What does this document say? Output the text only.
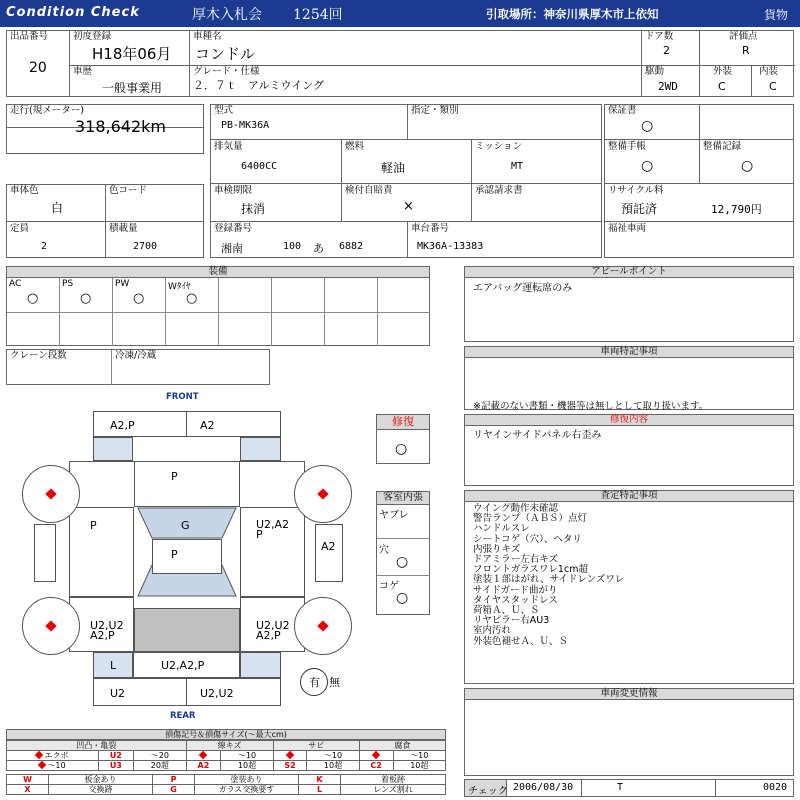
Condition Check	厚木入札会 1254回	引取場所：神奈川県厚木市上依知	貨物
出品番号
20
初度登録
H18年06月
車種名
コンドル
ドア数
2
評価点
R
車歴
一般事業用
グレード・仕様
２．７ｔ　アルミウイング
駆動
2WD
外装
C
内装
C
走行(規メーター)
318,642km
型式
PB-MK36A
指定・類別
排気量
6400CC
燃料
軽油
ミッション
MT
車検期限
抹消
検付自賠責
×
承認請求書
登録番号
湘南	100 あ 6882
車台番号
MK36A-13383
保証書
○
整備手帳
○
整備記録
○
リサイクル料
預託済	12,790円
福祉車両
車体色
白
色コード
定員
2
積載量
2700
装備
AC
○
PS
○
PW
○
Wﾀｲﾔ
○
クレーン段数	冷凍/冷蔵
FRONT
REAR
A2,P	A2
P
P	U2,A2
P
G
P
A2
U2,U2
A2,P
U2,U2
A2,P
L	U2,A2,P
U2	U2,U2
有 無
修復
○
客室内張
ヤブレ
穴
○
コゲ
○
アピールポイント
エアバッグ運転席のみ
車両特記事項
※記載のない書類・機器等は無しとして取り扱います。
修復内容
リヤインサイドパネル右歪み
査定特記事項
ウイング動作未確認
警告ランプ（ＡＢＳ）点灯
ハンドルスレ
シートコゲ（穴）、ヘタリ
内張りキズ
ドアミラー左右キズ
フロントガラスワレ1cm超
塗装１部はがれ、サイドレンズワレ
サイドガード曲がり
タイヤスタッドレス
荷箱Ａ、Ｕ、Ｓ
リヤピラー右AU3
室内汚れ
外装色褪せＡ、Ｕ、Ｓ
車両変更情報
チェック 2006/08/30	T	0020
損傷記号＆損傷サイズ(～最大cm)
凹凸・亀裂			線キズ		サビ		腐食	
エクボ	U2	～20		～10		～10		～10
～10	U3	20超	A2	10超	S2	10超	C2	10超
W	板金あり	P	塗装あり	K	着板跡
X	交換跡	G	ガラス交換要す	L	レンズ割れ
